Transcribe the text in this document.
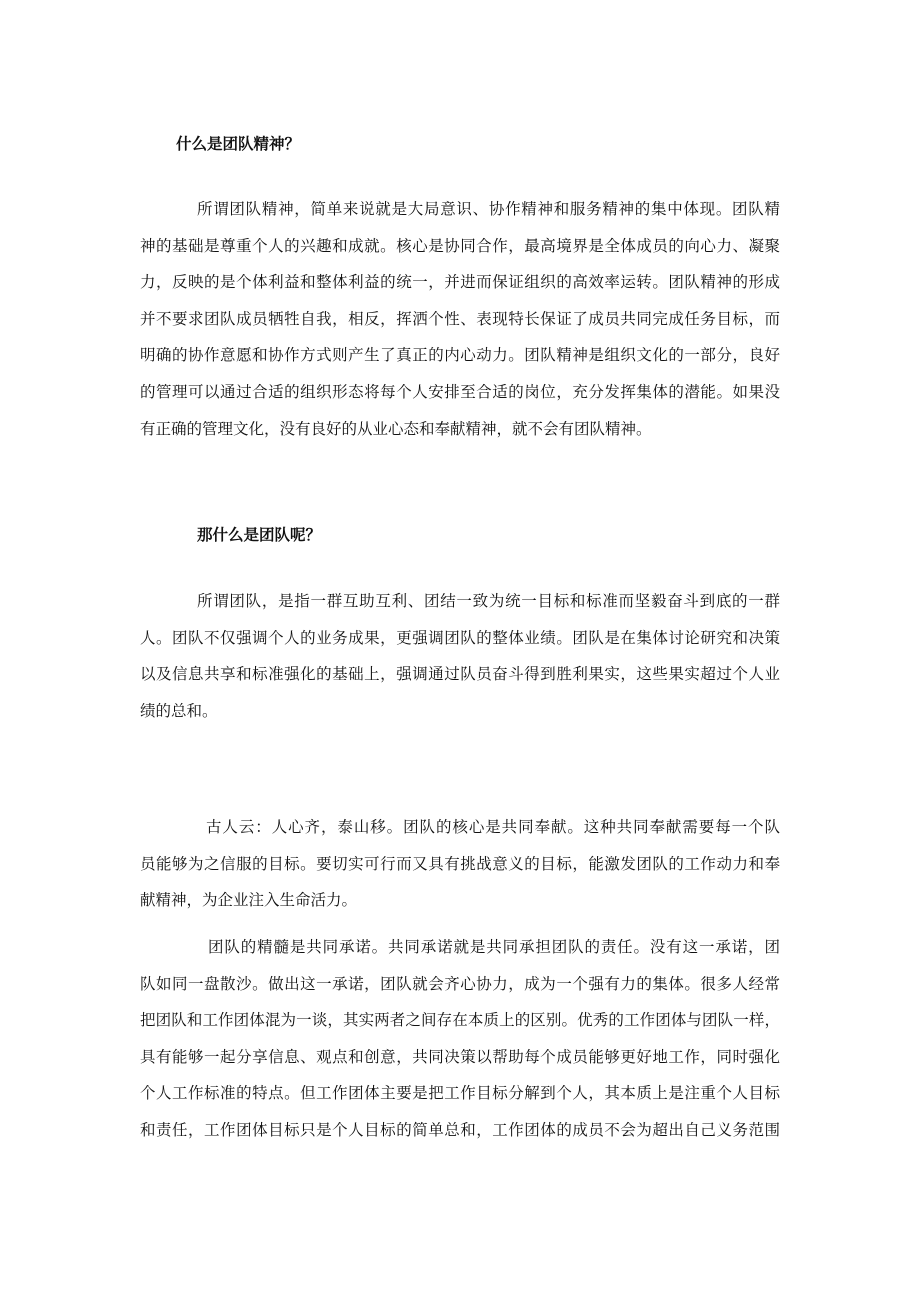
什么是团队精神？
所谓团队精神，简单来说就是大局意识、协作精神和服务精神的集中体现。团队精
神的基础是尊重个人的兴趣和成就。核心是协同合作，最高境界是全体成员的向心力、凝聚
力，反映的是个体利益和整体利益的统一，并进而保证组织的高效率运转。团队精神的形成
并不要求团队成员牺牲自我，相反，挥洒个性、表现特长保证了成员共同完成任务目标，而
明确的协作意愿和协作方式则产生了真正的内心动力。团队精神是组织文化的一部分，良好
的管理可以通过合适的组织形态将每个人安排至合适的岗位，充分发挥集体的潜能。如果没
有正确的管理文化，没有良好的从业心态和奉献精神，就不会有团队精神。
那什么是团队呢？
所谓团队，是指一群互助互利、团结一致为统一目标和标准而坚毅奋斗到底的一群
人。团队不仅强调个人的业务成果，更强调团队的整体业绩。团队是在集体讨论研究和决策
以及信息共享和标准强化的基础上，强调通过队员奋斗得到胜利果实，这些果实超过个人业
绩的总和。
古人云：人心齐，泰山移。团队的核心是共同奉献。这种共同奉献需要每一个队
员能够为之信服的目标。要切实可行而又具有挑战意义的目标，能激发团队的工作动力和奉
献精神，为企业注入生命活力。
团队的精髓是共同承诺。共同承诺就是共同承担团队的责任。没有这一承诺，团
队如同一盘散沙。做出这一承诺，团队就会齐心协力，成为一个强有力的集体。很多人经常
把团队和工作团体混为一谈，其实两者之间存在本质上的区别。优秀的工作团体与团队一样，
具有能够一起分享信息、观点和创意，共同决策以帮助每个成员能够更好地工作，同时强化
个人工作标准的特点。但工作团体主要是把工作目标分解到个人，其本质上是注重个人目标
和责任，工作团体目标只是个人目标的简单总和，工作团体的成员不会为超出自己义务范围
